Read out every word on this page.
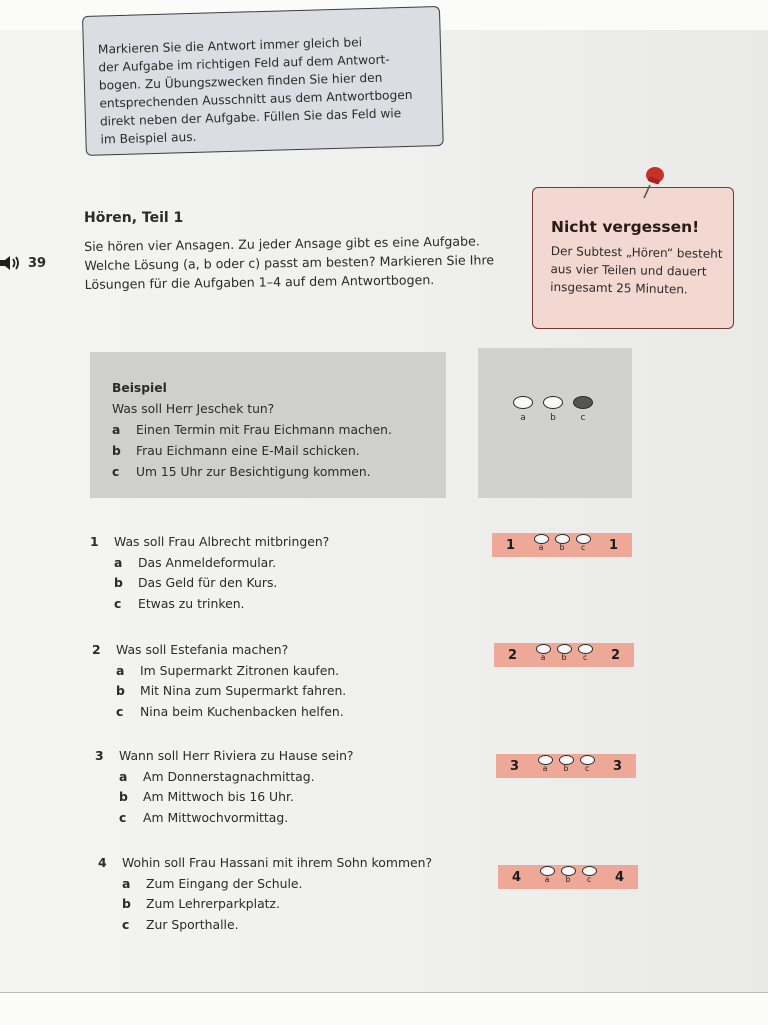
Markieren Sie die Antwort immer gleich bei
der Aufgabe im richtigen Feld auf dem Antwort-
bogen. Zu Übungszwecken finden Sie hier den
entsprechenden Ausschnitt aus dem Antwortbogen
direkt neben der Aufgabe. Füllen Sie das Feld wie
im Beispiel aus.
39
Hören, Teil 1
Sie hören vier Ansagen. Zu jeder Ansage gibt es eine Aufgabe. Welche Lösung (a, b oder c) passt am besten? Markieren Sie Ihre Lösungen für die Aufgaben 1–4 auf dem Antwortbogen.
Nicht vergessen!
Der Subtest „Hören“ besteht aus vier Teilen und dauert insgesamt 25 Minuten.
Beispiel
Was soll Herr Jeschek tun?
a	Einen Termin mit Frau Eichmann machen.
b	Frau Eichmann eine E-Mail schicken.
c	Um 15 Uhr zur Besichtigung kommen.
a	b	c
1	Was soll Frau Albrecht mitbringen?
a	Das Anmeldeformular.
b	Das Geld für den Kurs.
c	Etwas zu trinken.
1	a b c 1
2	Was soll Estefania machen?
a	Im Supermarkt Zitronen kaufen.
b	Mit Nina zum Supermarkt fahren.
c	Nina beim Kuchenbacken helfen.
2	a b c 2
3	Wann soll Herr Riviera zu Hause sein?
a	Am Donnerstagnachmittag.
b	Am Mittwoch bis 16 Uhr.
c	Am Mittwochvormittag.
3	a b c 3
4	Wohin soll Frau Hassani mit ihrem Sohn kommen?
a	Zum Eingang der Schule.
b	Zum Lehrerparkplatz.
c	Zur Sporthalle.
4	a b c 4
